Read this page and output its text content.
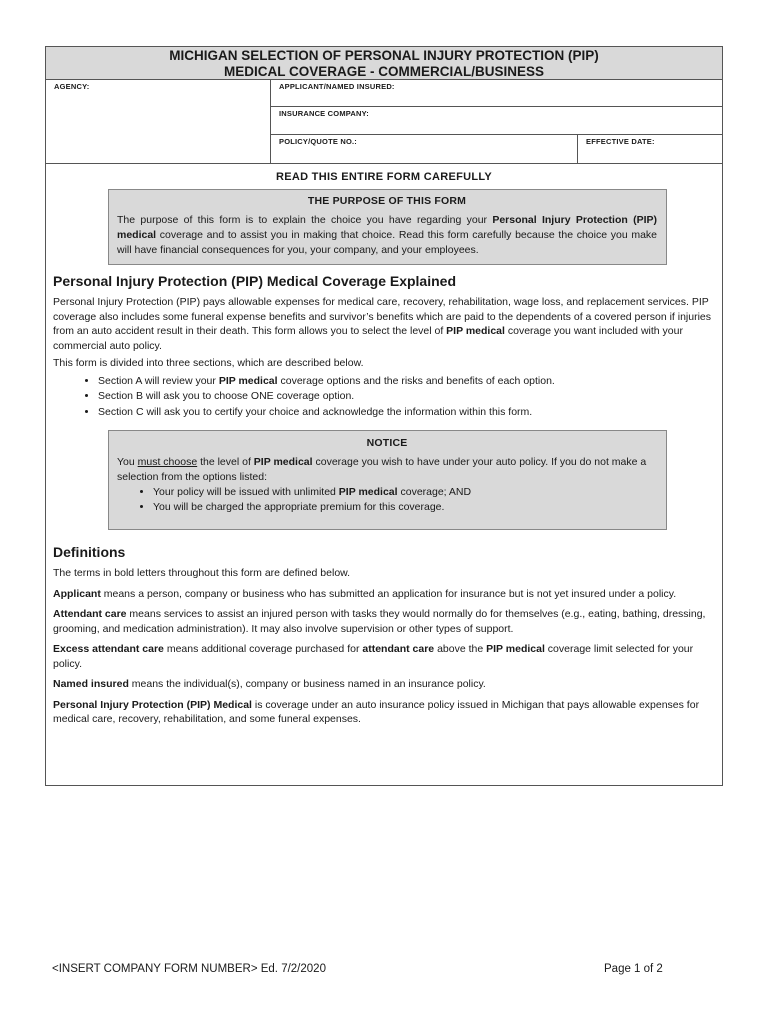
MICHIGAN SELECTION OF PERSONAL INJURY PROTECTION (PIP)
MEDICAL COVERAGE - COMMERCIAL/BUSINESS
AGENCY:	APPLICANT/NAMED INSURED:
INSURANCE COMPANY:
POLICY/QUOTE NO.:	EFFECTIVE DATE:
READ THIS ENTIRE FORM CAREFULLY
THE PURPOSE OF THIS FORM
The purpose of this form is to explain the choice you have regarding your Personal Injury Protection (PIP) medical coverage and to assist you in making that choice. Read this form carefully because the choice you make will have financial consequences for you, your company, and your employees.
Personal Injury Protection (PIP) Medical Coverage Explained

Personal Injury Protection (PIP) pays allowable expenses for medical care, recovery, rehabilitation, wage loss, and replacement services. PIP coverage also includes some funeral expense benefits and survivor’s benefits which are paid to the dependents of a covered person if injuries from an auto accident result in their death. This form allows you to select the level of PIP medical coverage you want included with your commercial auto policy.

This form is divided into three sections, which are described below.

• Section A will review your PIP medical coverage options and the risks and benefits of each option.
• Section B will ask you to choose ONE coverage option.
• Section C will ask you to certify your choice and acknowledge the information within this form.
NOTICE
You must choose the level of PIP medical coverage you wish to have under your auto policy. If you do not make a selection from the options listed:
• Your policy will be issued with unlimited PIP medical coverage; AND
• You will be charged the appropriate premium for this coverage.
Definitions

The terms in bold letters throughout this form are defined below.

Applicant means a person, company or business who has submitted an application for insurance but is not yet insured under a policy.

Attendant care means services to assist an injured person with tasks they would normally do for themselves (e.g., eating, bathing, dressing, grooming, and medication administration). It may also involve supervision or other types of support.

Excess attendant care means additional coverage purchased for attendant care above the PIP medical coverage limit selected for your policy.

Named insured means the individual(s), company or business named in an insurance policy.

Personal Injury Protection (PIP) Medical is coverage under an auto insurance policy issued in Michigan that pays allowable expenses for medical care, recovery, rehabilitation, and some funeral expenses.

<INSERT COMPANY FORM NUMBER> Ed. 7/2/2020	Page 1 of 2
